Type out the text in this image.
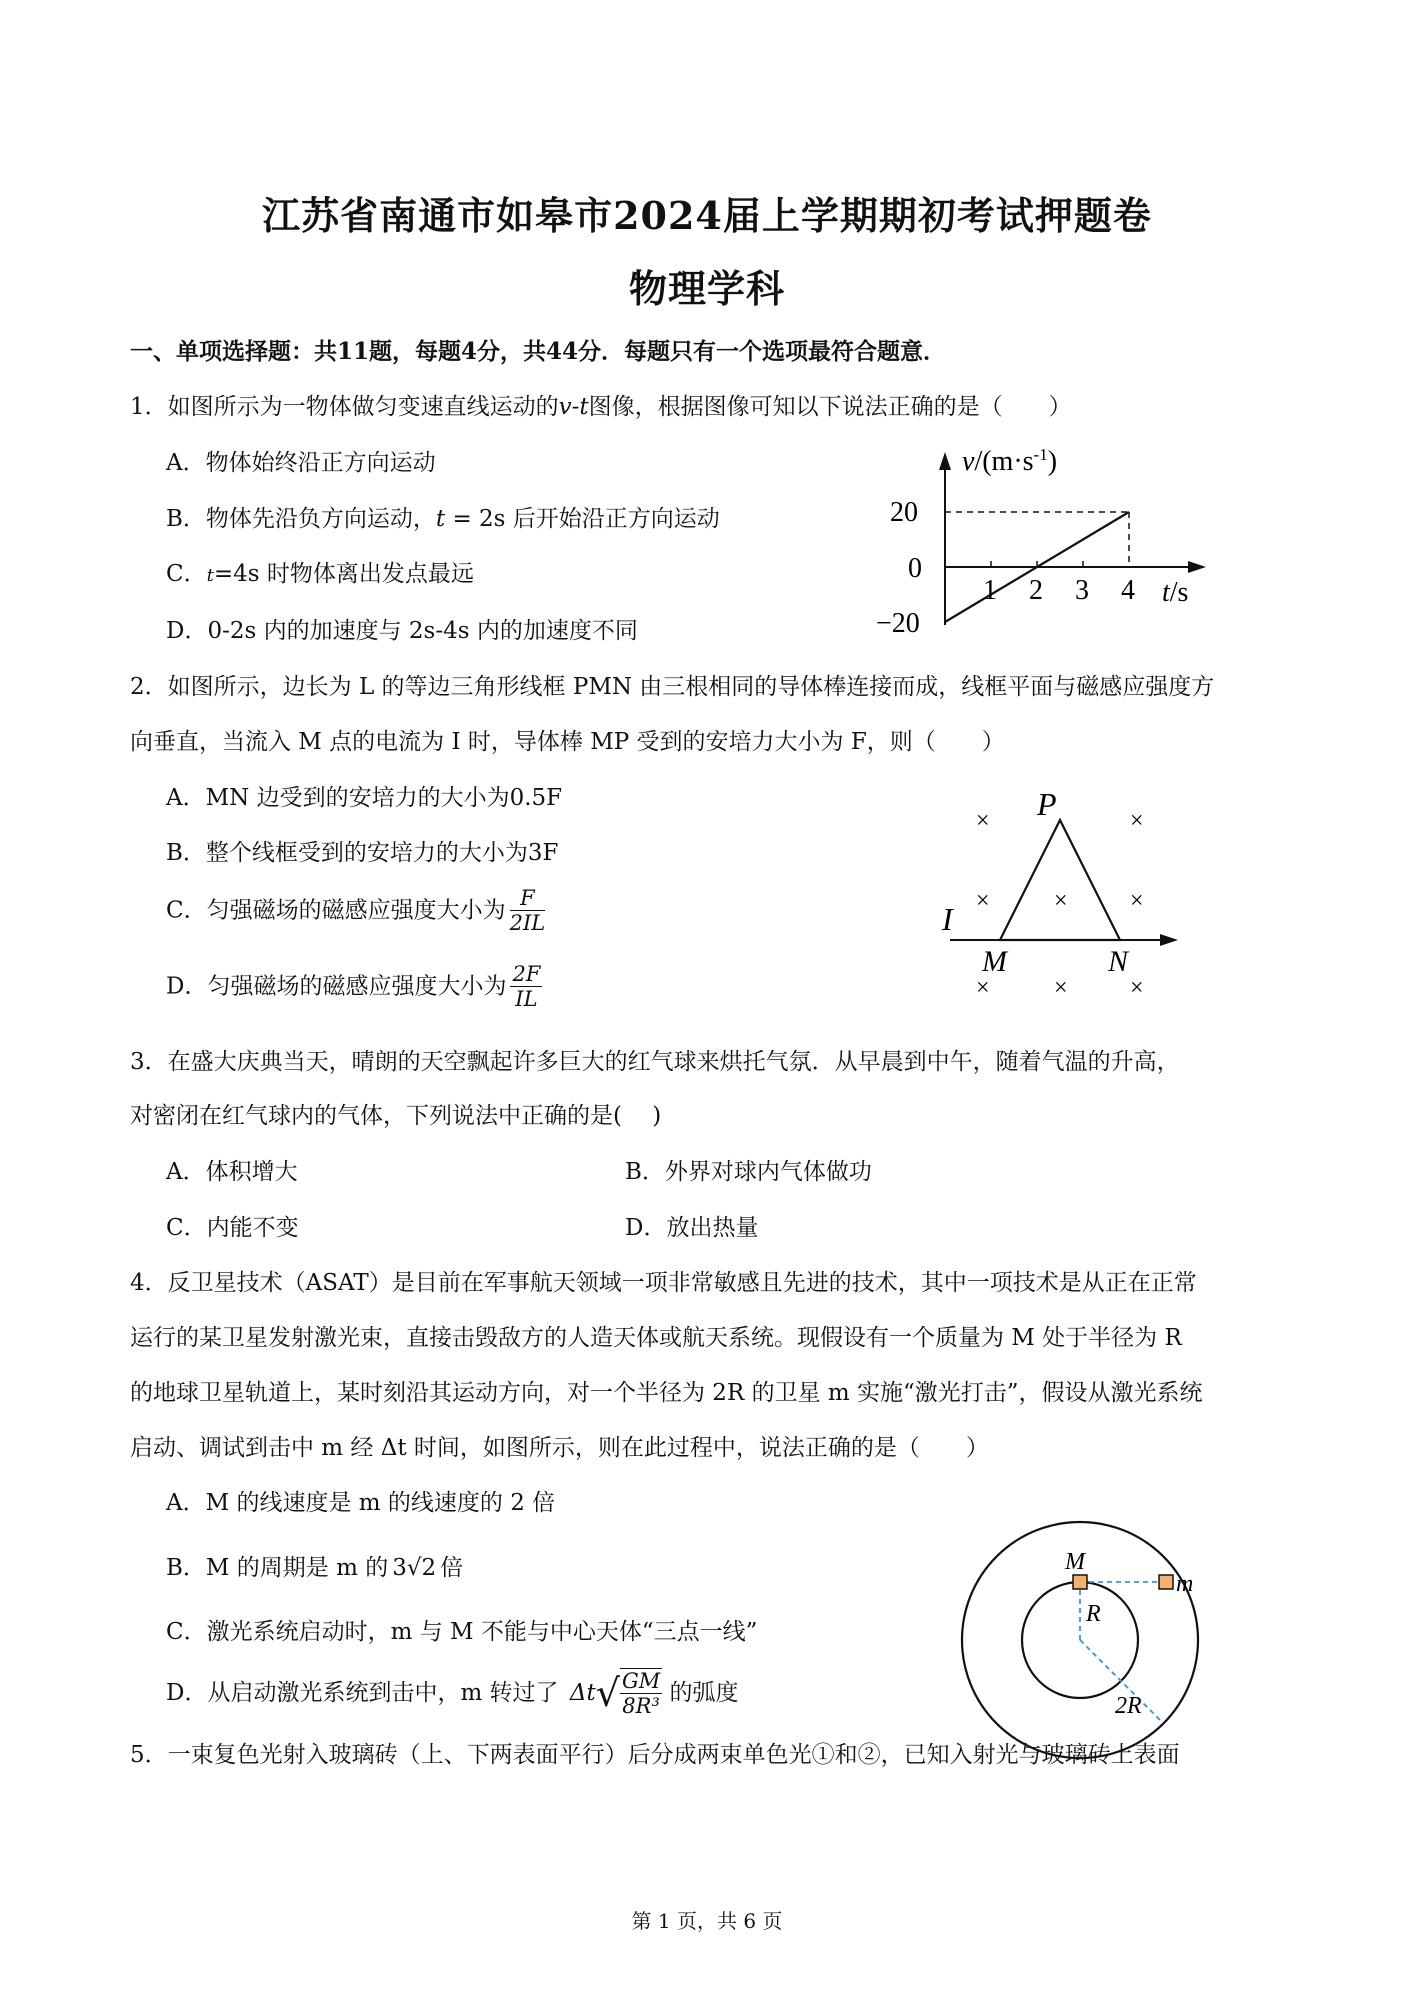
江苏省南通市如皋市2024届上学期期初考试押题卷
物理学科
一、单项选择题：共11题，每题4分，共44分．每题只有一个选项最符合题意．
1．如图所示为一物体做匀变速直线运动的v-t图像，根据图像可知以下说法正确的是（　　）
A．物体始终沿正方向运动
B．物体先沿负方向运动，t = 2s 后开始沿正方向运动
C．t=4s 时物体离出发点最远
D．0-2s 内的加速度与 2s-4s 内的加速度不同
$v/(m\cdot s^{-1})$
20
0
−20
1 2 3 4 t/s
2．如图所示，边长为 L 的等边三角形线框 PMN 由三根相同的导体棒连接而成，线框平面与磁感应强度方
向垂直，当流入 M 点的电流为 I 时，导体棒 MP 受到的安培力大小为 F，则（　　）
A．MN 边受到的安培力的大小为0.5F
B．整个线框受到的安培力的大小为3F
C．匀强磁场的磁感应强度大小为 $\frac{F}{2IL}$
D．匀强磁场的磁感应强度大小为 $\frac{2F}{IL}$
×	×
×	×	×
×	×	×
P
I
M	N
3．在盛大庆典当天，晴朗的天空飘起许多巨大的红气球来烘托气氛．从早晨到中午，随着气温的升高，
对密闭在红气球内的气体，下列说法中正确的是(　 )
A．体积增大	B．外界对球内气体做功
C．内能不变	D．放出热量
4．反卫星技术（ASAT）是目前在军事航天领域一项非常敏感且先进的技术，其中一项技术是从正在正常
运行的某卫星发射激光束，直接击毁敌方的人造天体或航天系统。现假设有一个质量为 M 处于半径为 R
的地球卫星轨道上，某时刻沿其运动方向，对一个半径为 2R 的卫星 m 实施“激光打击”，假设从激光系统
启动、调试到击中 m 经 Δt 时间，如图所示，则在此过程中，说法正确的是（　　）
A．M 的线速度是 m 的线速度的 2 倍
B．M 的周期是 m 的 3√2 倍
C．激光系统启动时，m 与 M 不能与中心天体“三点一线”
D．从启动激光系统到击中，m 转过了 $\Delta t√ \frac{GM}{\text{8R³}}$ 的弧度
M
m
R
2R
5．一束复色光射入玻璃砖（上、下两表面平行）后分成两束单色光①和②，已知入射光与玻璃砖上表面
第 1 页，共 6 页
